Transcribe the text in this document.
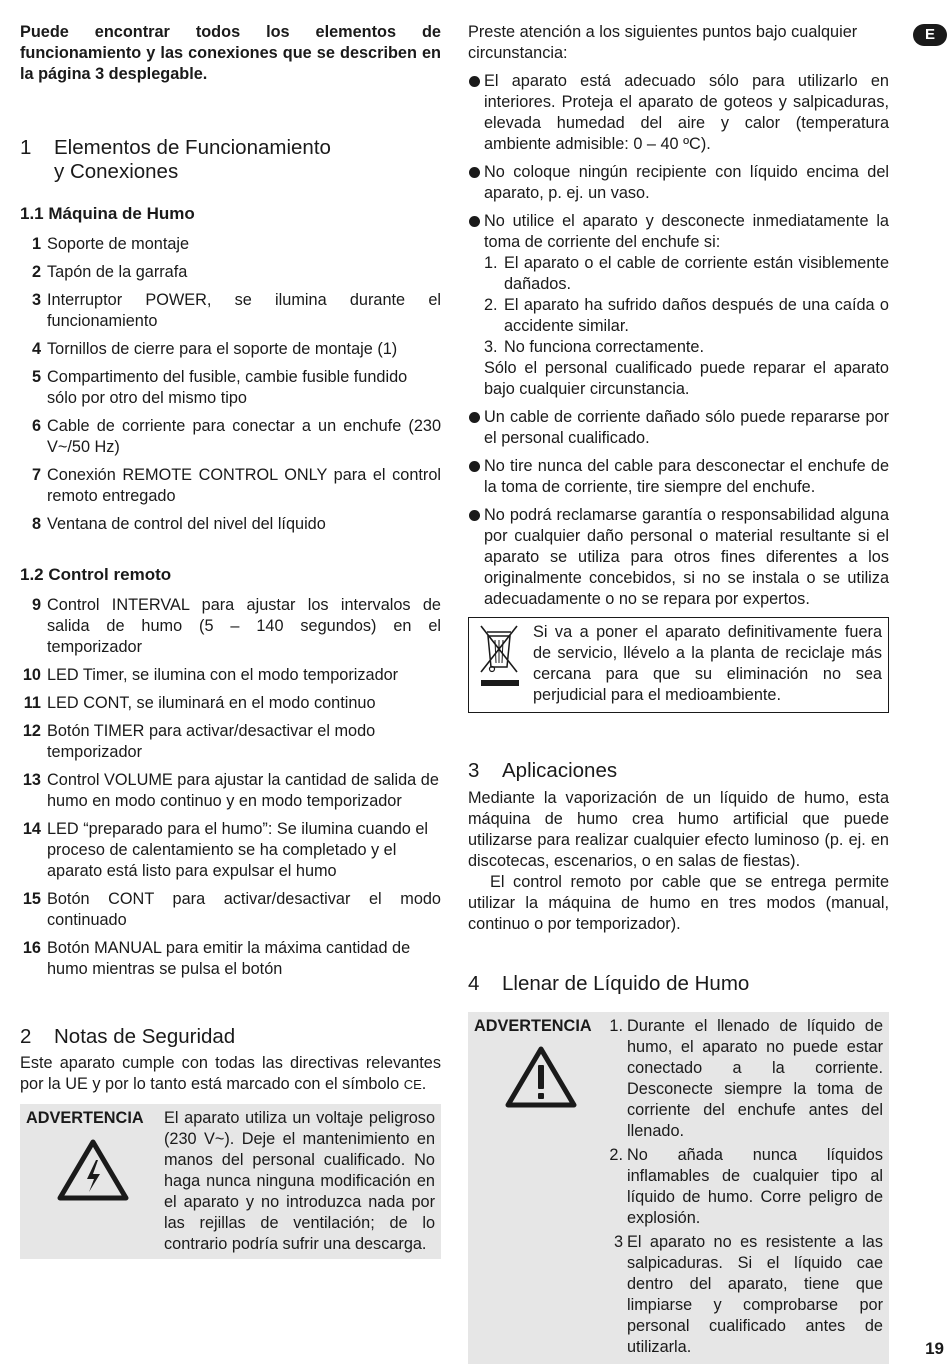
Puede encontrar todos los elementos de funcionamiento y las conexiones que se describen en la página 3 desplegable.

1	Elementos de Funcionamiento
y Conexiones
1.1 Máquina de Humo
1 Soporte de montaje
2 Tapón de la garrafa
3 Interruptor POWER, se ilumina durante el funcionamiento
4 Tornillos de cierre para el soporte de montaje (1)
5 Compartimento del fusible, cambie fusible fundido sólo por otro del mismo tipo
6 Cable de corriente para conectar a un enchufe (230 V~/50 Hz)
7 Conexión REMOTE CONTROL ONLY para el control remoto entregado
8 Ventana de control del nivel del líquido
1.2 Control remoto
9 Control INTERVAL para ajustar los intervalos de salida de humo (5 – 140 segundos) en el temporizador
10 LED Timer, se ilumina con el modo temporizador
11 LED CONT, se iluminará en el modo continuo
12 Botón TIMER para activar/desactivar el modo temporizador
13 Control VOLUME para ajustar la cantidad de salida de humo en modo continuo y en modo temporizador
14 LED “preparado para el humo”: Se ilumina cuando el proceso de calentamiento se ha completado y el aparato está listo para expulsar el humo
15 Botón CONT para activar/desactivar el modo continuado
16 Botón MANUAL para emitir la máxima cantidad de humo mientras se pulsa el botón
2	Notas de Seguridad

Este aparato cumple con todas las directivas relevantes por la UE y por lo tanto está marcado con el símbolo CE.

ADVERTENCIA	El aparato utiliza un voltaje peligroso (230 V~). Deje el mantenimiento en manos del personal cualificado. No haga nunca ninguna modificación en el aparato y no introduzca nada por las rejillas de ventilación; de lo contrario podría sufrir una descarga.

Preste atención a los siguientes puntos bajo cualquier circunstancia:

El aparato está adecuado sólo para utilizarlo en interiores. Proteja el aparato de goteos y salpicaduras, elevada humedad del aire y calor (temperatura ambiente admisible: 0 – 40 ºC).
No coloque ningún recipiente con líquido encima del aparato, p. ej. un vaso.
No utilice el aparato y desconecte inmediatamente la toma de corriente del enchufe si:
1. El aparato o el cable de corriente están visiblemente dañados.
2. El aparato ha sufrido daños después de una caída o accidente similar.
3. No funciona correctamente.
Sólo el personal cualificado puede reparar el aparato bajo cualquier circunstancia.
Un cable de corriente dañado sólo puede repararse por el personal cualificado.
No tire nunca del cable para desconectar el enchufe de la toma de corriente, tire siempre del enchufe.
No podrá reclamarse garantía o responsabilidad alguna por cualquier daño personal o material resultante si el aparato se utiliza para otros fines diferentes a los originalmente concebidos, si no se instala o se utiliza adecuadamente o no se repara por expertos.
Si va a poner el aparato definitivamente fuera de servicio, llévelo a la planta de reciclaje más cercana para que su eliminación no sea perjudicial para el medioambiente.
3	Aplicaciones

Mediante la vaporización de un líquido de humo, esta máquina de humo crea humo artificial que puede utilizarse para realizar cualquier efecto luminoso (p. ej. en discotecas, escenarios, o en salas de fiestas).

El control remoto por cable que se entrega permite utilizar la máquina de humo en tres modos (manual, continuo o por temporizador).

4	Llenar de Líquido de Humo
ADVERTENCIA	1. Durante el llenado de líquido de humo, el aparato no puede estar conectado a la corriente. Desconecte siempre la toma de corriente del enchufe antes del llenado.
2. No añada nunca líquidos inflamables de cualquier tipo al líquido de humo. Corre peligro de explosión.
3 El aparato no es resistente a las salpicaduras. Si el líquido cae dentro del aparato, tiene que limpiarse y comprobarse por personal cualificado antes de utilizarla.
E
19
